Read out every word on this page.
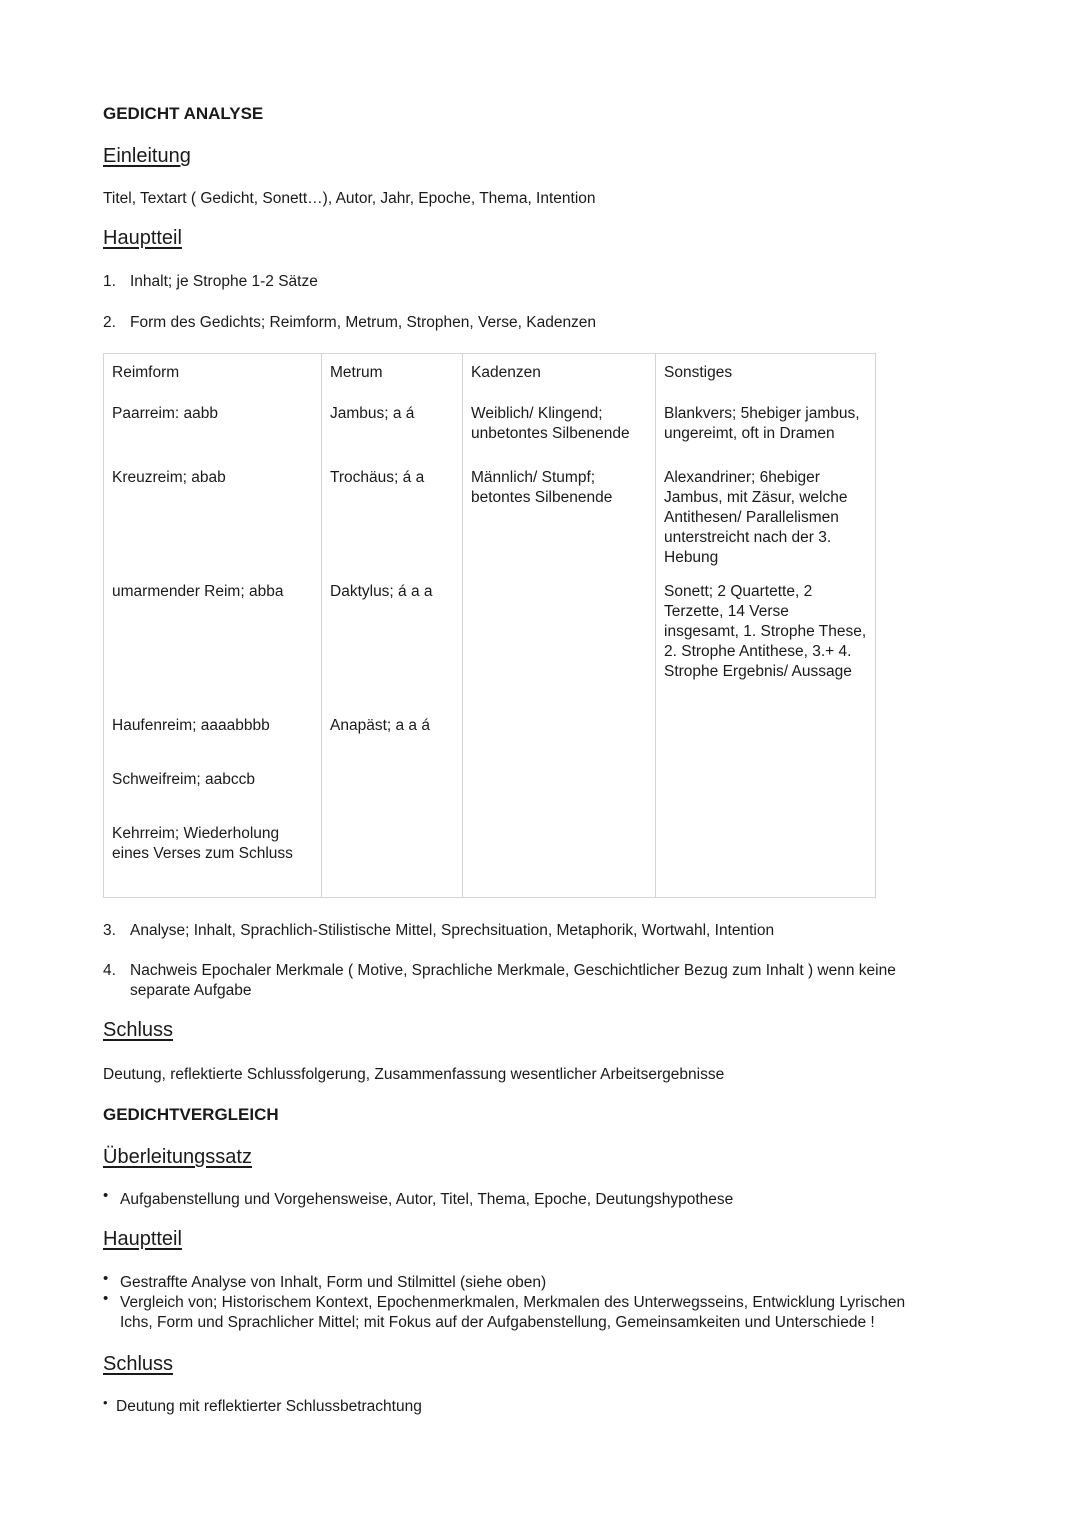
GEDICHT ANALYSE
Einleitung
Titel, Textart ( Gedicht, Sonett…), Autor, Jahr, Epoche, Thema, Intention
Hauptteil
1. Inhalt; je Strophe 1-2 Sätze
2. Form des Gedichts; Reimform, Metrum, Strophen, Verse, Kadenzen
Reimform	Metrum	Kadenzen	Sonstiges
Paarreim: aabb	Jambus; a á	Weiblich/ Klingend; unbetontes Silbenende	Blankvers; 5hebiger jambus, ungereimt, oft in Dramen
Kreuzreim; abab	Trochäus; á a	Männlich/ Stumpf; betontes Silbenende	Alexandriner; 6hebiger Jambus, mit Zäsur, welche Antithesen/ Parallelismen unterstreicht nach der 3. Hebung
umarmender Reim; abba	Daktylus; á a a		Sonett; 2 Quartette, 2 Terzette, 14 Verse insgesamt, 1. Strophe These, 2. Strophe Antithese, 3.+ 4. Strophe Ergebnis/ Aussage
Haufenreim; aaaabbbb	Anapäst; a a á		
Schweifreim; aabccb			
Kehrreim; Wiederholung eines Verses zum Schluss			
3. Analyse; Inhalt, Sprachlich-Stilistische Mittel, Sprechsituation, Metaphorik, Wortwahl, Intention
4. Nachweis Epochaler Merkmale ( Motive, Sprachliche Merkmale, Geschichtlicher Bezug zum Inhalt ) wenn keine
separate Aufgabe
Schluss
Deutung, reflektierte Schlussfolgerung, Zusammenfassung wesentlicher Arbeitsergebnisse
GEDICHTVERGLEICH
Überleitungssatz
• Aufgabenstellung und Vorgehensweise, Autor, Titel, Thema, Epoche, Deutungshypothese
Hauptteil
• Gestraffte Analyse von Inhalt, Form und Stilmittel (siehe oben)
• Vergleich von; Historischem Kontext, Epochenmerkmalen, Merkmalen des Unterwegsseins, Entwicklung Lyrischen
Ichs, Form und Sprachlicher Mittel; mit Fokus auf der Aufgabenstellung, Gemeinsamkeiten und Unterschiede !
Schluss
• Deutung mit reflektierter Schlussbetrachtung
